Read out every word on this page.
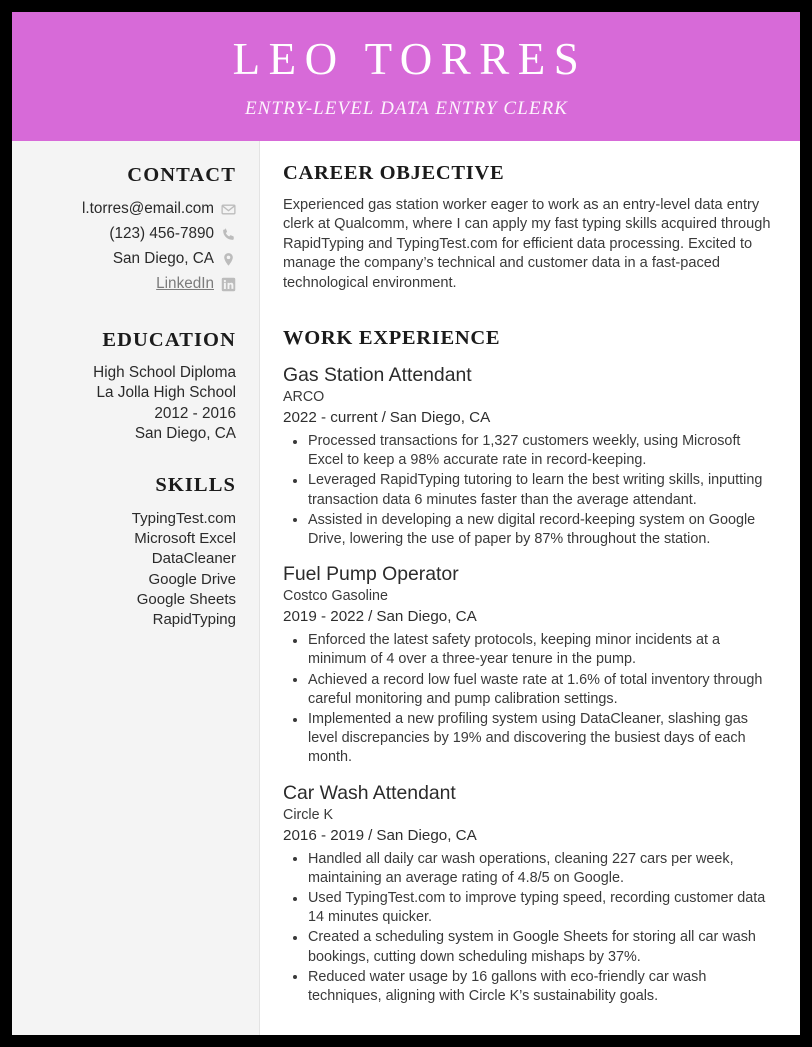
LEO TORRES
ENTRY-LEVEL DATA ENTRY CLERK
CONTACT
l.torres@email.com
(123) 456-7890
San Diego, CA
LinkedIn
EDUCATION
High School Diploma
La Jolla High School
2012 - 2016
San Diego, CA
SKILLS
TypingTest.com
Microsoft Excel
DataCleaner
Google Drive
Google Sheets
RapidTyping
CAREER OBJECTIVE
Experienced gas station worker eager to work as an entry-level data entry clerk at Qualcomm, where I can apply my fast typing skills acquired through RapidTyping and TypingTest.com for efficient data processing. Excited to manage the company’s technical and customer data in a fast-paced technological environment.
WORK EXPERIENCE
Gas Station Attendant
ARCO
2022 - current / San Diego, CA
Processed transactions for 1,327 customers weekly, using Microsoft Excel to keep a 98% accurate rate in record-keeping.
Leveraged RapidTyping tutoring to learn the best writing skills, inputting transaction data 6 minutes faster than the average attendant.
Assisted in developing a new digital record-keeping system on Google Drive, lowering the use of paper by 87% throughout the station.
Fuel Pump Operator
Costco Gasoline
2019 - 2022 / San Diego, CA
Enforced the latest safety protocols, keeping minor incidents at a minimum of 4 over a three-year tenure in the pump.
Achieved a record low fuel waste rate at 1.6% of total inventory through careful monitoring and pump calibration settings.
Implemented a new profiling system using DataCleaner, slashing gas level discrepancies by 19% and discovering the busiest days of each month.
Car Wash Attendant
Circle K
2016 - 2019 / San Diego, CA
Handled all daily car wash operations, cleaning 227 cars per week, maintaining an average rating of 4.8/5 on Google.
Used TypingTest.com to improve typing speed, recording customer data 14 minutes quicker.
Created a scheduling system in Google Sheets for storing all car wash bookings, cutting down scheduling mishaps by 37%.
Reduced water usage by 16 gallons with eco-friendly car wash techniques, aligning with Circle K’s sustainability goals.
